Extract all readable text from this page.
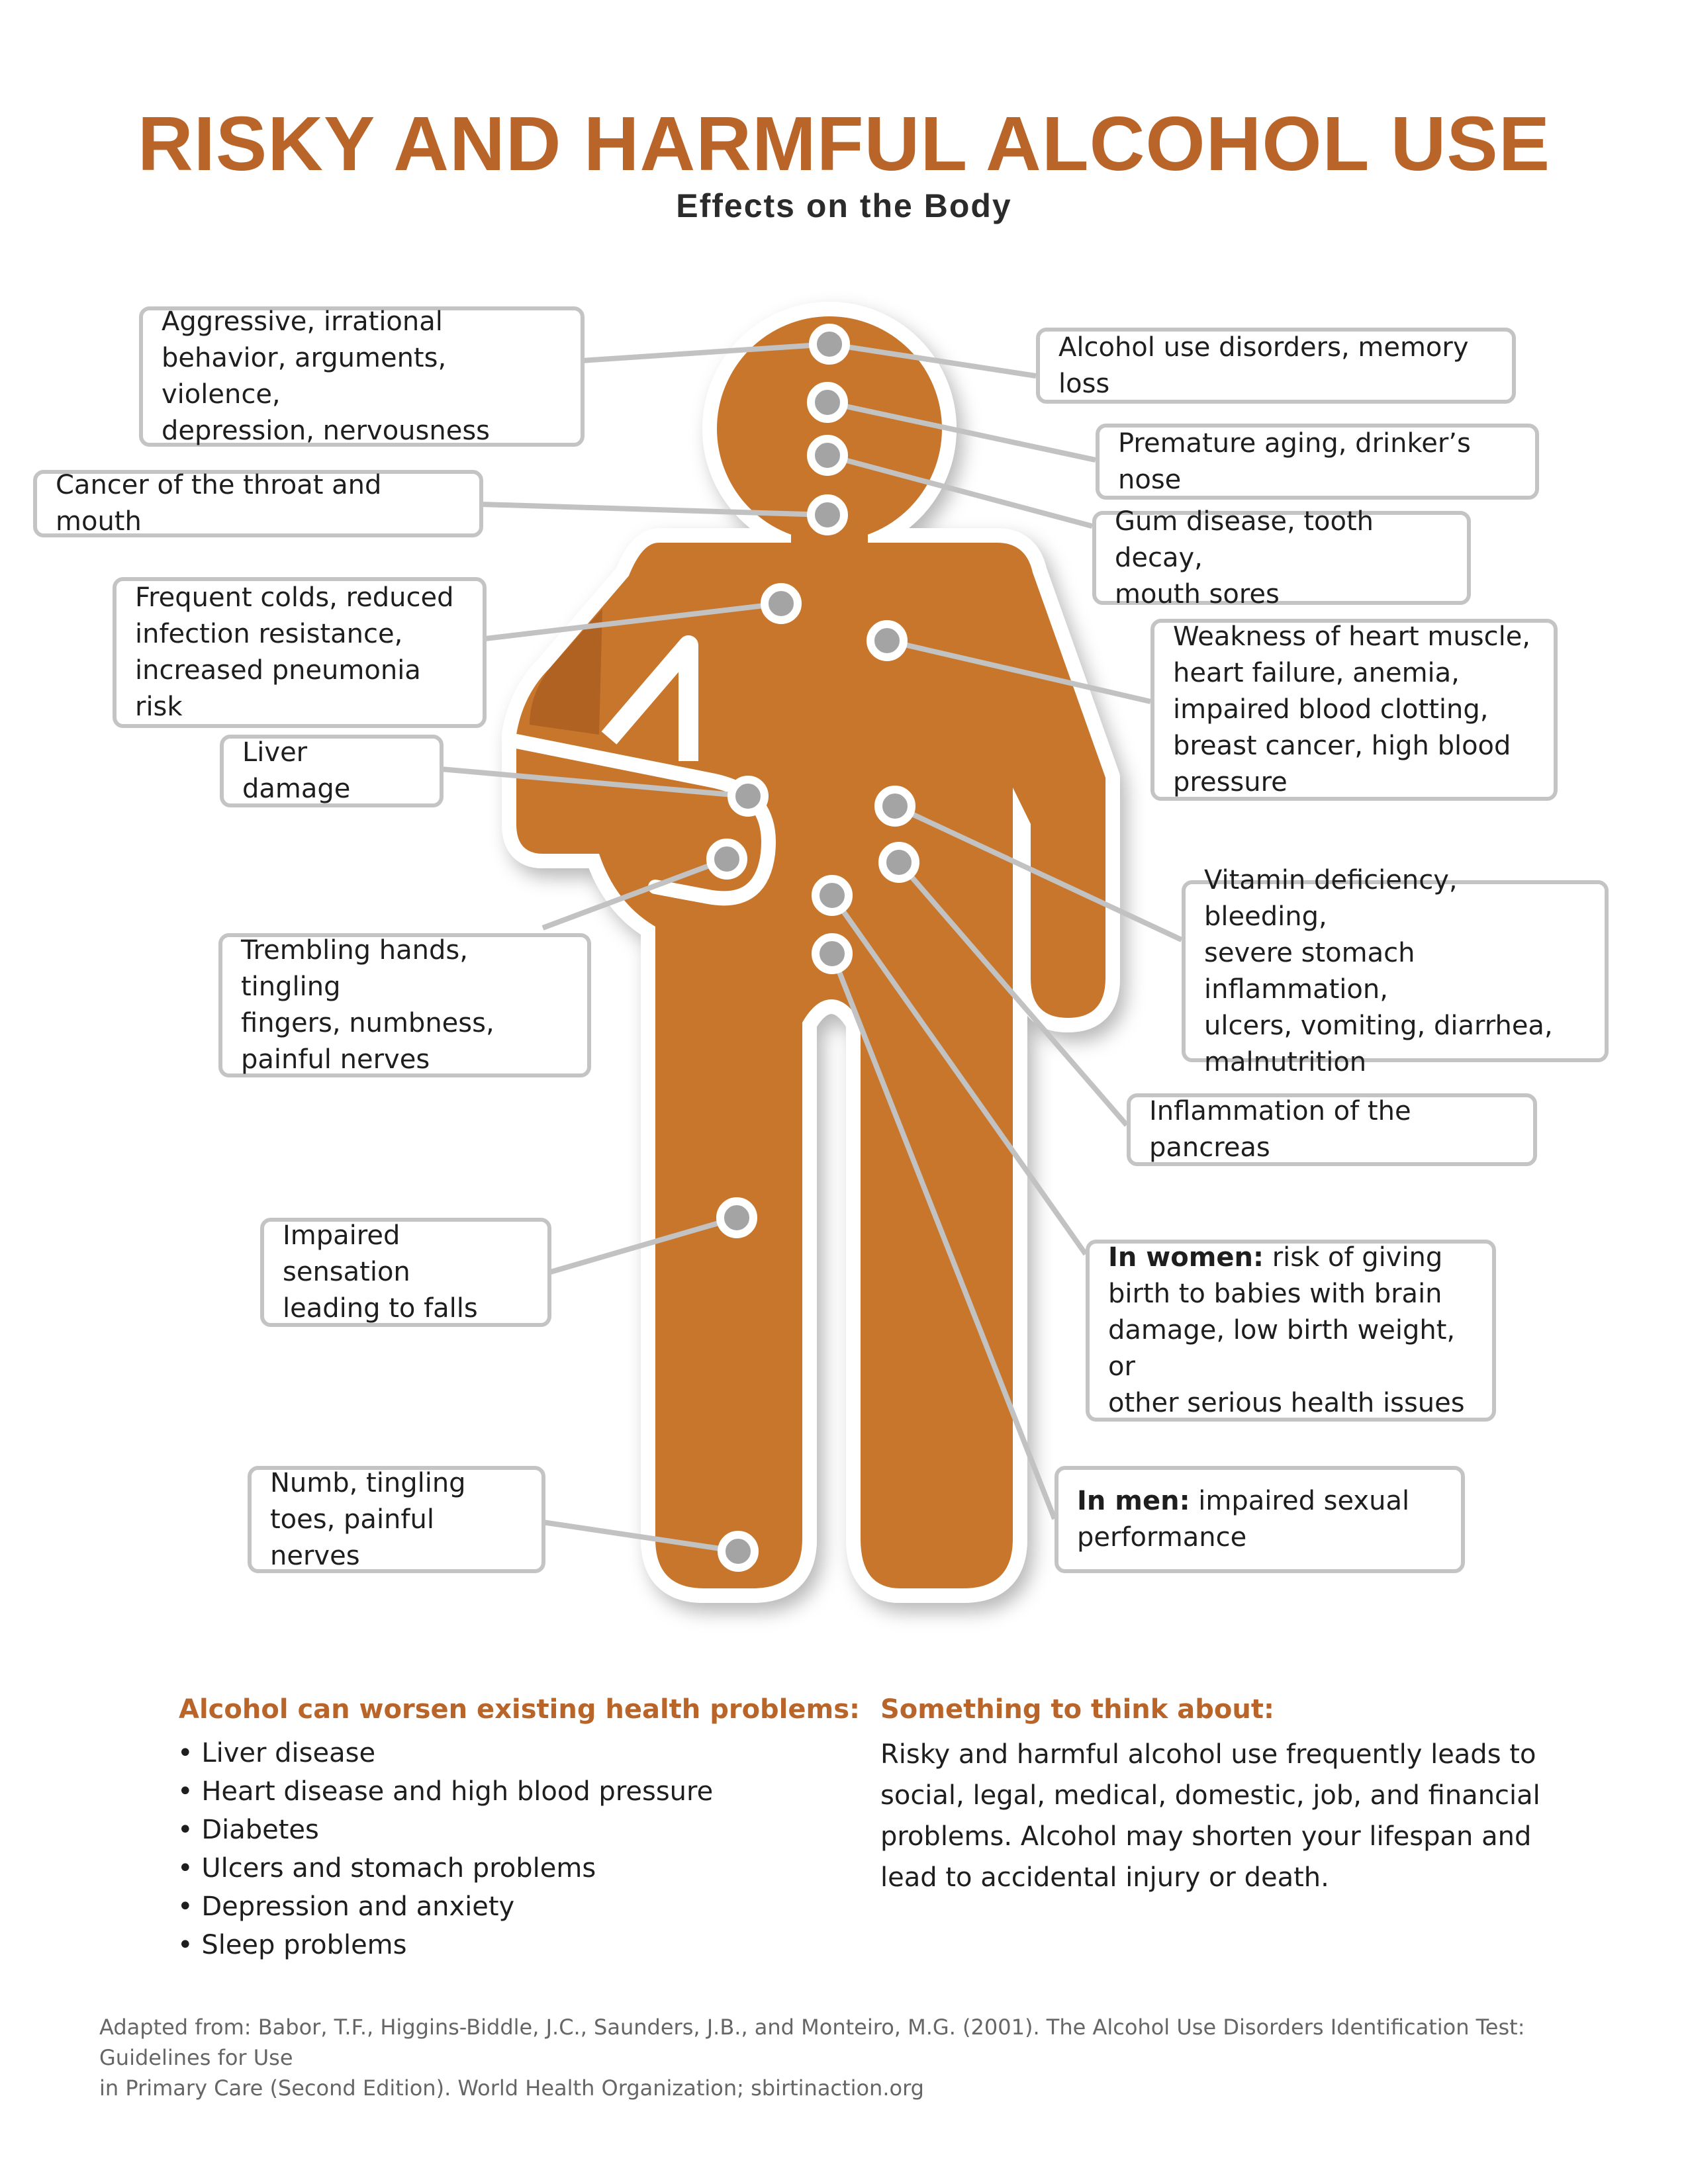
RISKY AND HARMFUL ALCOHOL USE
Effects on the Body
Aggressive, irrational
behavior, arguments, violence,
depression, nervousness
Cancer of the throat and mouth
Frequent colds, reduced
infection resistance,
increased pneumonia risk
Liver damage
Trembling hands, tingling
fingers, numbness,
painful nerves
Impaired sensation
leading to falls
Numb, tingling
toes, painful nerves
Alcohol use disorders, memory loss
Premature aging, drinker’s nose
Gum disease, tooth decay,
mouth sores
Weakness of heart muscle,
heart failure, anemia,
impaired blood clotting,
breast cancer, high blood
pressure
Vitamin deficiency, bleeding,
severe stomach inflammation,
ulcers, vomiting, diarrhea,
malnutrition
Inflammation of the pancreas
In women: risk of giving
birth to babies with brain
damage, low birth weight, or
other serious health issues
In men: impaired sexual
performance
Alcohol can worsen existing health problems:
• Liver disease
• Heart disease and high blood pressure
• Diabetes
• Ulcers and stomach problems
• Depression and anxiety
• Sleep problems
Something to think about:
Risky and harmful alcohol use frequently leads to
social, legal, medical, domestic, job, and financial
problems. Alcohol may shorten your lifespan and
lead to accidental injury or death.
Adapted from: Babor, T.F., Higgins-Biddle, J.C., Saunders, J.B., and Monteiro, M.G. (2001). The Alcohol Use Disorders Identification Test: Guidelines for Use
in Primary Care (Second Edition). World Health Organization; sbirtinaction.org
